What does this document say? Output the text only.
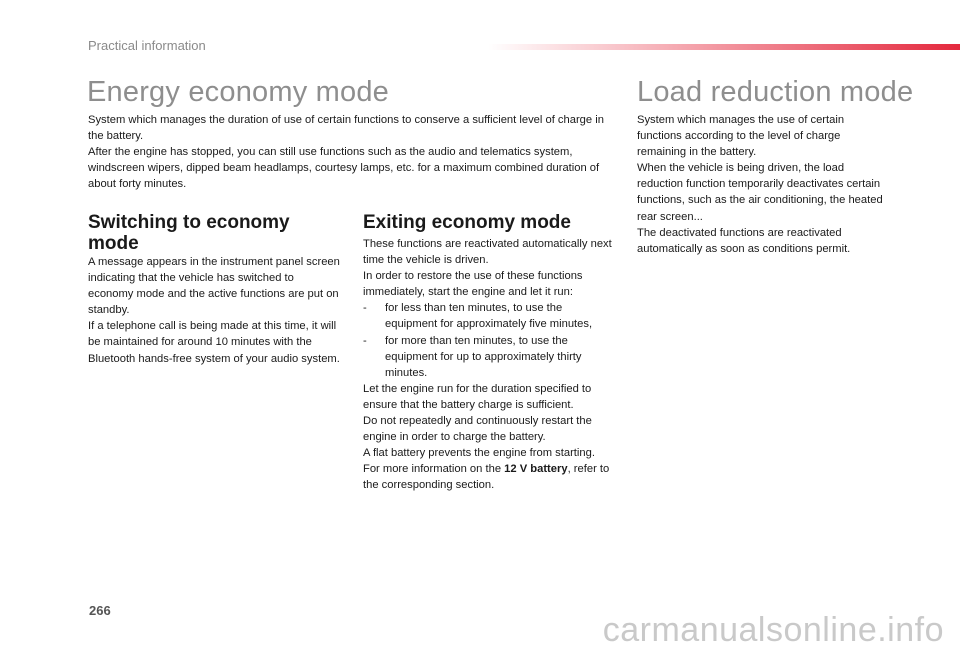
Practical information
Energy economy mode

System which manages the duration of use of certain functions to conserve a sufficient level of charge in the battery.

After the engine has stopped, you can still use functions such as the audio and telematics system, windscreen wipers, dipped beam headlamps, courtesy lamps, etc. for a maximum combined duration of about forty minutes.

Switching to economy mode

A message appears in the instrument panel screen indicating that the vehicle has switched to economy mode and the active functions are put on standby.

If a telephone call is being made at this time, it will be maintained for around 10 minutes with the Bluetooth hands-free system of your audio system.

Exiting economy mode

These functions are reactivated automatically next time the vehicle is driven.

In order to restore the use of these functions immediately, start the engine and let it run:

-	for less than ten minutes, to use the equipment for approximately five minutes,
-	for more than ten minutes, to use the equipment for up to approximately thirty minutes.

Let the engine run for the duration specified to ensure that the battery charge is sufficient.

Do not repeatedly and continuously restart the engine in order to charge the battery.

A flat battery prevents the engine from starting.

For more information on the 12 V battery, refer to the corresponding section.

Load reduction mode

System which manages the use of certain functions according to the level of charge remaining in the battery.

When the vehicle is being driven, the load reduction function temporarily deactivates certain functions, such as the air conditioning, the heated rear screen...

The deactivated functions are reactivated automatically as soon as conditions permit.

266
carmanualsonline.info
